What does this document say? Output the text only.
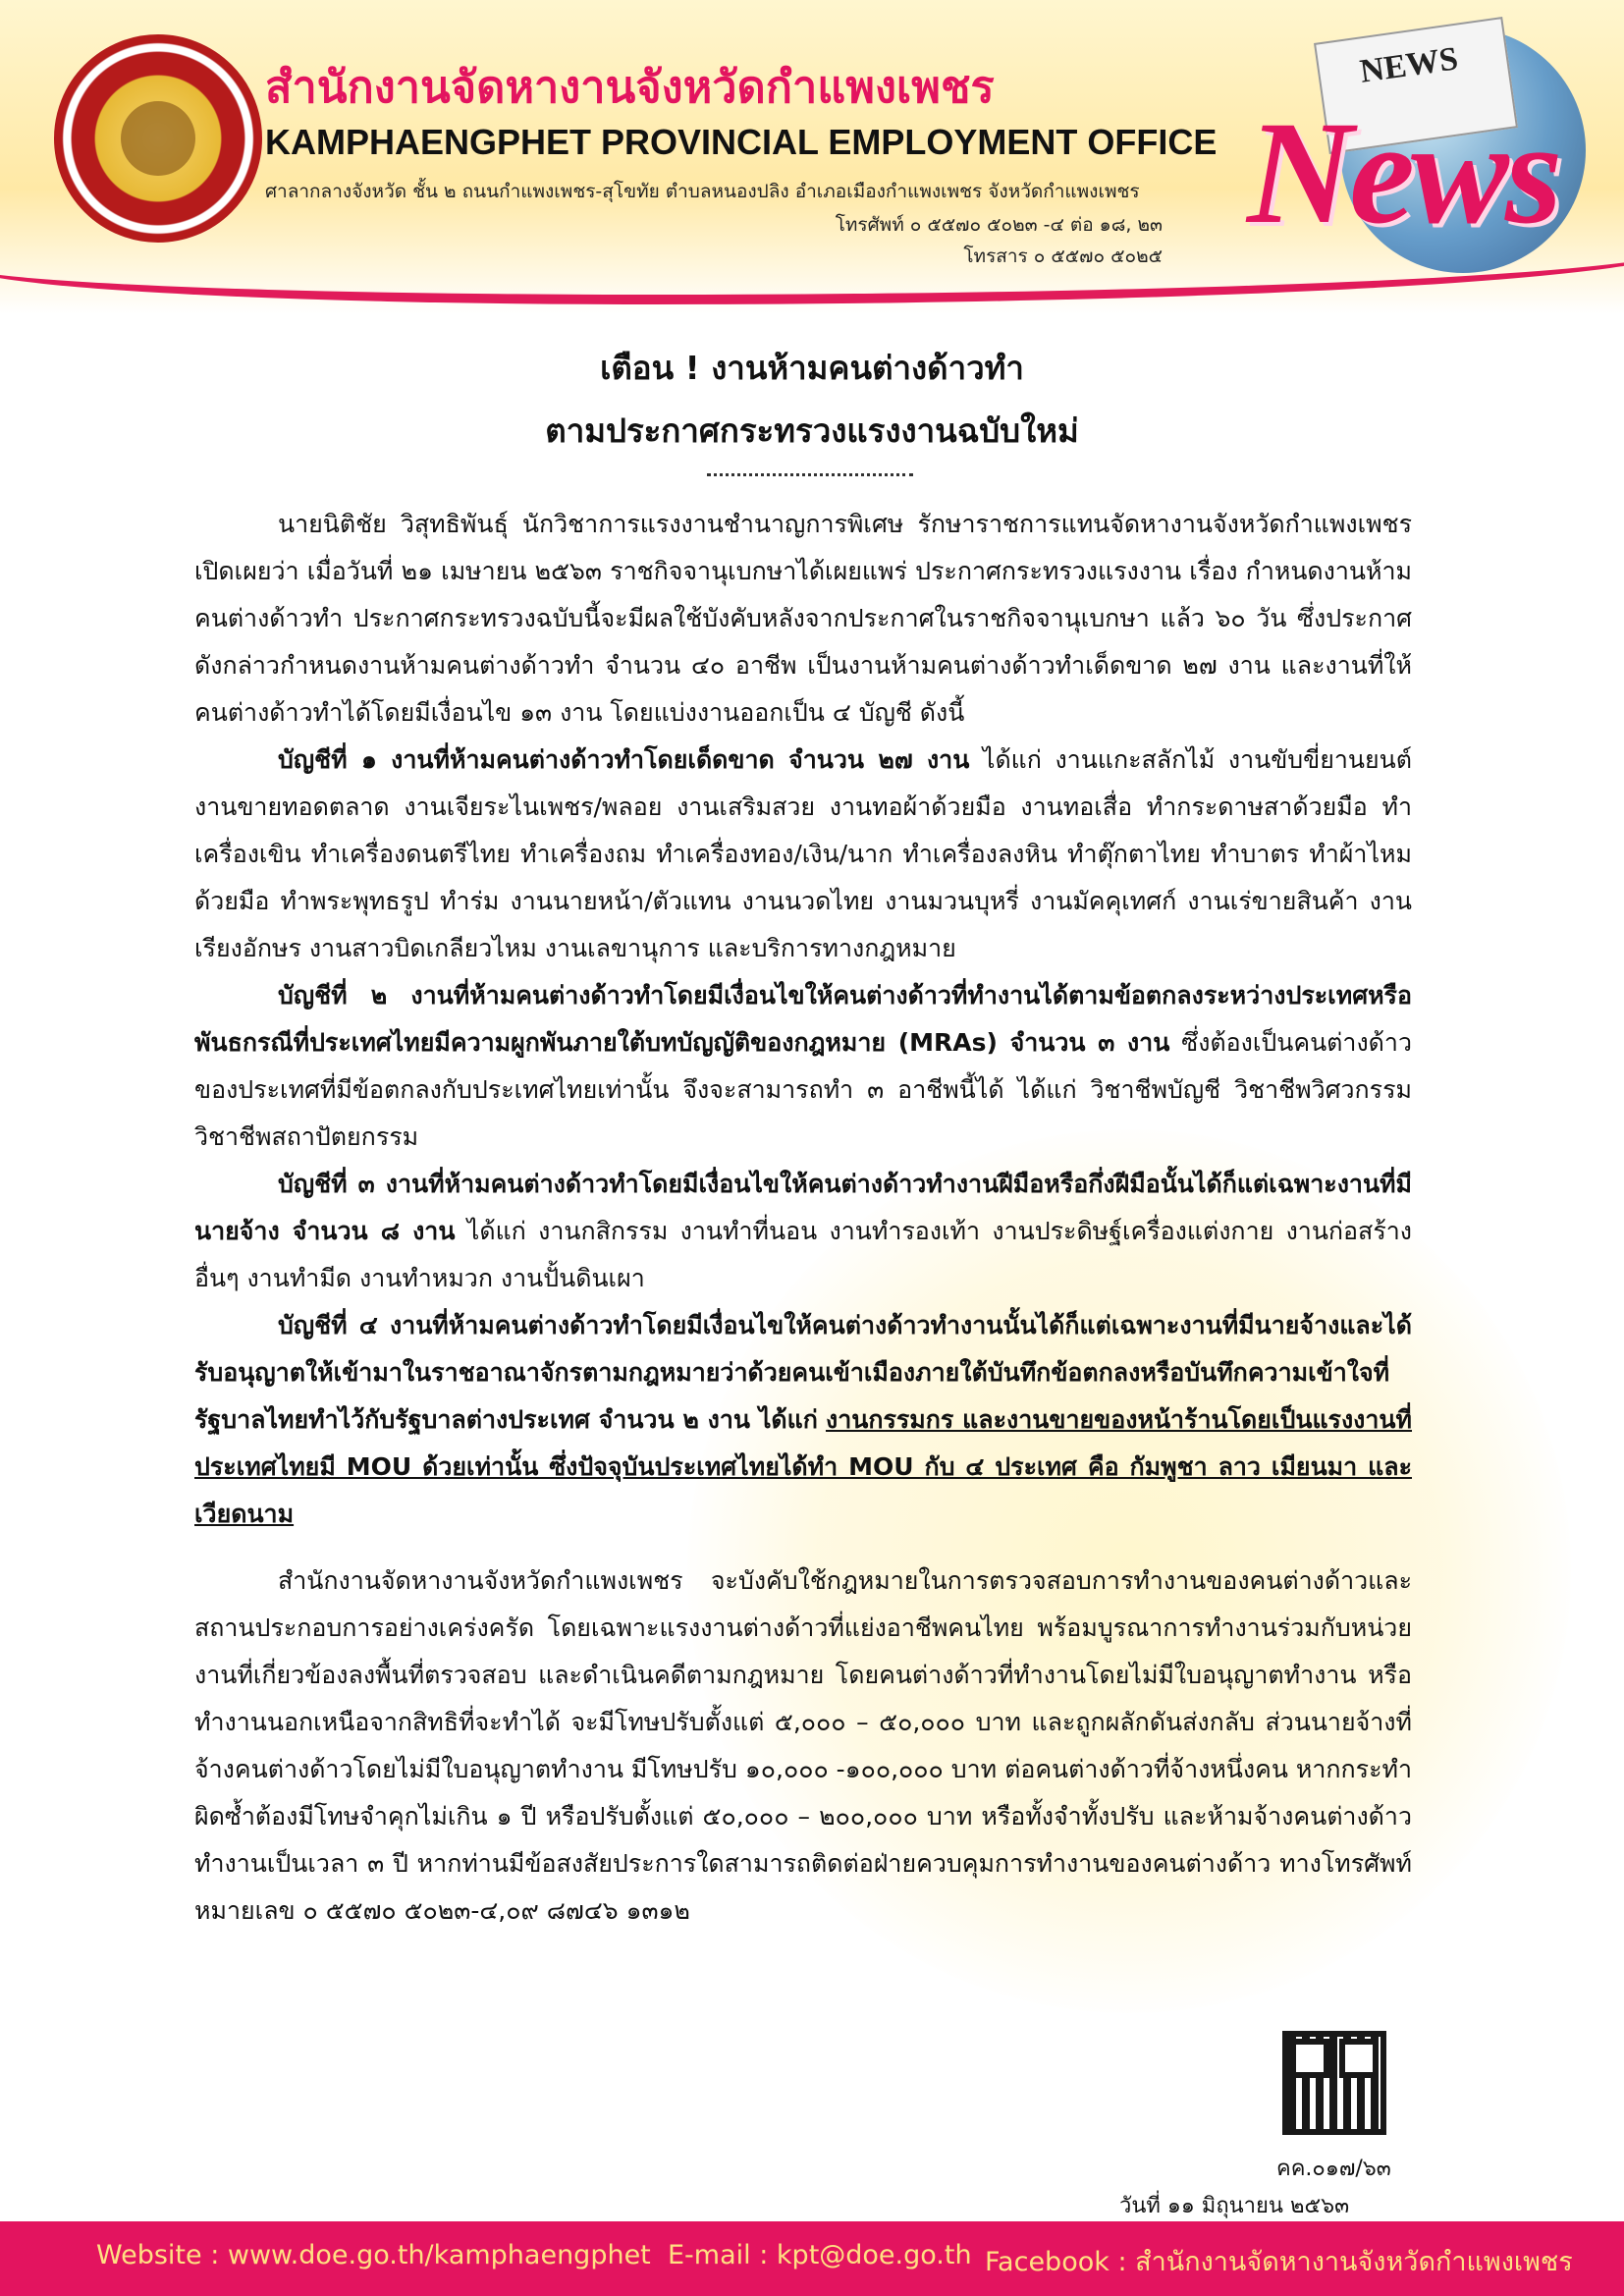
สำนักงานจัดหางานจังหวัดกำแพงเพชร
KAMPHAENGPHET PROVINCIAL EMPLOYMENT OFFICE
ศาลากลางจังหวัด ชั้น ๒ ถนนกำแพงเพชร-สุโขทัย ตำบลหนองปลิง อำเภอเมืองกำแพงเพชร จังหวัดกำแพงเพชร
โทรศัพท์ ๐ ๕๕๗๐ ๕๐๒๓ -๔ ต่อ ๑๘, ๒๓
โทรสาร ๐ ๕๕๗๐ ๕๐๒๕
NEWS
News
เตือน ! งานห้ามคนต่างด้าวทำ
ตามประกาศกระทรวงแรงงานฉบับใหม่

นายนิติชัย วิสุทธิพันธุ์ นักวิชาการแรงงานชำนาญการพิเศษ รักษาราชการแทนจัดหางานจังหวัดกำแพงเพชร เปิดเผยว่า เมื่อวันที่ ๒๑ เมษายน ๒๕๖๓ ราชกิจจานุเบกษาได้เผยแพร่ ประกาศกระทรวงแรงงาน เรื่อง กำหนดงานห้ามคนต่างด้าวทำ ประกาศกระทรวงฉบับนี้จะมีผลใช้บังคับหลังจากประกาศในราชกิจจานุเบกษา แล้ว ๖๐ วัน ซึ่งประกาศดังกล่าวกำหนดงานห้ามคนต่างด้าวทำ จำนวน ๔๐ อาชีพ เป็นงานห้ามคนต่างด้าวทำเด็ดขาด ๒๗ งาน และงานที่ให้คนต่างด้าวทำได้โดยมีเงื่อนไข ๑๓ งาน โดยแบ่งงานออกเป็น ๔ บัญชี ดังนี้

บัญชีที่ ๑ งานที่ห้ามคนต่างด้าวทำโดยเด็ดขาด จำนวน ๒๗ งาน ได้แก่ งานแกะสลักไม้ งานขับขี่ยานยนต์ งานขายทอดตลาด งานเจียระไนเพชร/พลอย งานเสริมสวย งานทอผ้าด้วยมือ งานทอเสื่อ ทำกระดาษสาด้วยมือ ทำเครื่องเขิน ทำเครื่องดนตรีไทย ทำเครื่องถม ทำเครื่องทอง/เงิน/นาก ทำเครื่องลงหิน ทำตุ๊กตาไทย ทำบาตร ทำผ้าไหมด้วยมือ ทำพระพุทธรูป ทำร่ม งานนายหน้า/ตัวแทน งานนวดไทย งานมวนบุหรี่ งานมัคคุเทศก์ งานเร่ขายสินค้า งานเรียงอักษร งานสาวบิดเกลียวไหม งานเลขานุการ และบริการทางกฎหมาย

บัญชีที่ ๒ งานที่ห้ามคนต่างด้าวทำโดยมีเงื่อนไขให้คนต่างด้าวที่ทำงานได้ตามข้อตกลงระหว่างประเทศหรือพันธกรณีที่ประเทศไทยมีความผูกพันภายใต้บทบัญญัติของกฎหมาย (MRAs) จำนวน ๓ งาน ซึ่งต้องเป็นคนต่างด้าวของประเทศที่มีข้อตกลงกับประเทศไทยเท่านั้น จึงจะสามารถทำ ๓ อาชีพนี้ได้ ได้แก่ วิชาชีพบัญชี วิชาชีพวิศวกรรม วิชาชีพสถาปัตยกรรม

บัญชีที่ ๓ งานที่ห้ามคนต่างด้าวทำโดยมีเงื่อนไขให้คนต่างด้าวทำงานฝีมือหรือกึ่งฝีมือนั้นได้ก็แต่เฉพาะงานที่มีนายจ้าง จำนวน ๘ งาน ได้แก่ งานกสิกรรม งานทำที่นอน งานทำรองเท้า งานประดิษฐ์เครื่องแต่งกาย งานก่อสร้างอื่นๆ งานทำมีด งานทำหมวก งานปั้นดินเผา

บัญชีที่ ๔ งานที่ห้ามคนต่างด้าวทำโดยมีเงื่อนไขให้คนต่างด้าวทำงานนั้นได้ก็แต่เฉพาะงานที่มีนายจ้างและได้รับอนุญาตให้เข้ามาในราชอาณาจักรตามกฎหมายว่าด้วยคนเข้าเมืองภายใต้บันทึกข้อตกลงหรือบันทึกความเข้าใจที่รัฐบาลไทยทำไว้กับรัฐบาลต่างประเทศ จำนวน ๒ งาน ได้แก่ งานกรรมกร และงานขายของหน้าร้านโดยเป็นแรงงานที่ประเทศไทยมี MOU ด้วยเท่านั้น ซึ่งปัจจุบันประเทศไทยได้ทำ MOU กับ ๔ ประเทศ คือ กัมพูชา ลาว เมียนมา และเวียดนาม

สำนักงานจัดหางานจังหวัดกำแพงเพชร จะบังคับใช้กฎหมายในการตรวจสอบการทำงานของคนต่างด้าวและสถานประกอบการอย่างเคร่งครัด โดยเฉพาะแรงงานต่างด้าวที่แย่งอาชีพคนไทย พร้อมบูรณาการทำงานร่วมกับหน่วยงานที่เกี่ยวข้องลงพื้นที่ตรวจสอบ และดำเนินคดีตามกฎหมาย โดยคนต่างด้าวที่ทำงานโดยไม่มีใบอนุญาตทำงาน หรือทำงานนอกเหนือจากสิทธิที่จะทำได้ จะมีโทษปรับตั้งแต่ ๕,๐๐๐ – ๕๐,๐๐๐ บาท และถูกผลักดันส่งกลับ ส่วนนายจ้างที่จ้างคนต่างด้าวโดยไม่มีใบอนุญาตทำงาน มีโทษปรับ ๑๐,๐๐๐ -๑๐๐,๐๐๐ บาท ต่อคนต่างด้าวที่จ้างหนึ่งคน หากกระทำผิดซ้ำต้องมีโทษจำคุกไม่เกิน ๑ ปี หรือปรับตั้งแต่ ๕๐,๐๐๐ – ๒๐๐,๐๐๐ บาท หรือทั้งจำทั้งปรับ และห้ามจ้างคนต่างด้าวทำงานเป็นเวลา ๓ ปี หากท่านมีข้อสงสัยประการใดสามารถติดต่อฝ่ายควบคุมการทำงานของคนต่างด้าว ทางโทรศัพท์หมายเลข ๐ ๕๕๗๐ ๕๐๒๓-๔,๐๙ ๘๗๔๖ ๑๓๑๒

คค.๐๑๗/๖๓
วันที่ ๑๑ มิถุนายน ๒๕๖๓
Website : www.doe.go.th/kamphaengphet E-mail : kpt@doe.go.th Facebook : สำนักงานจัดหางานจังหวัดกำแพงเพชร
